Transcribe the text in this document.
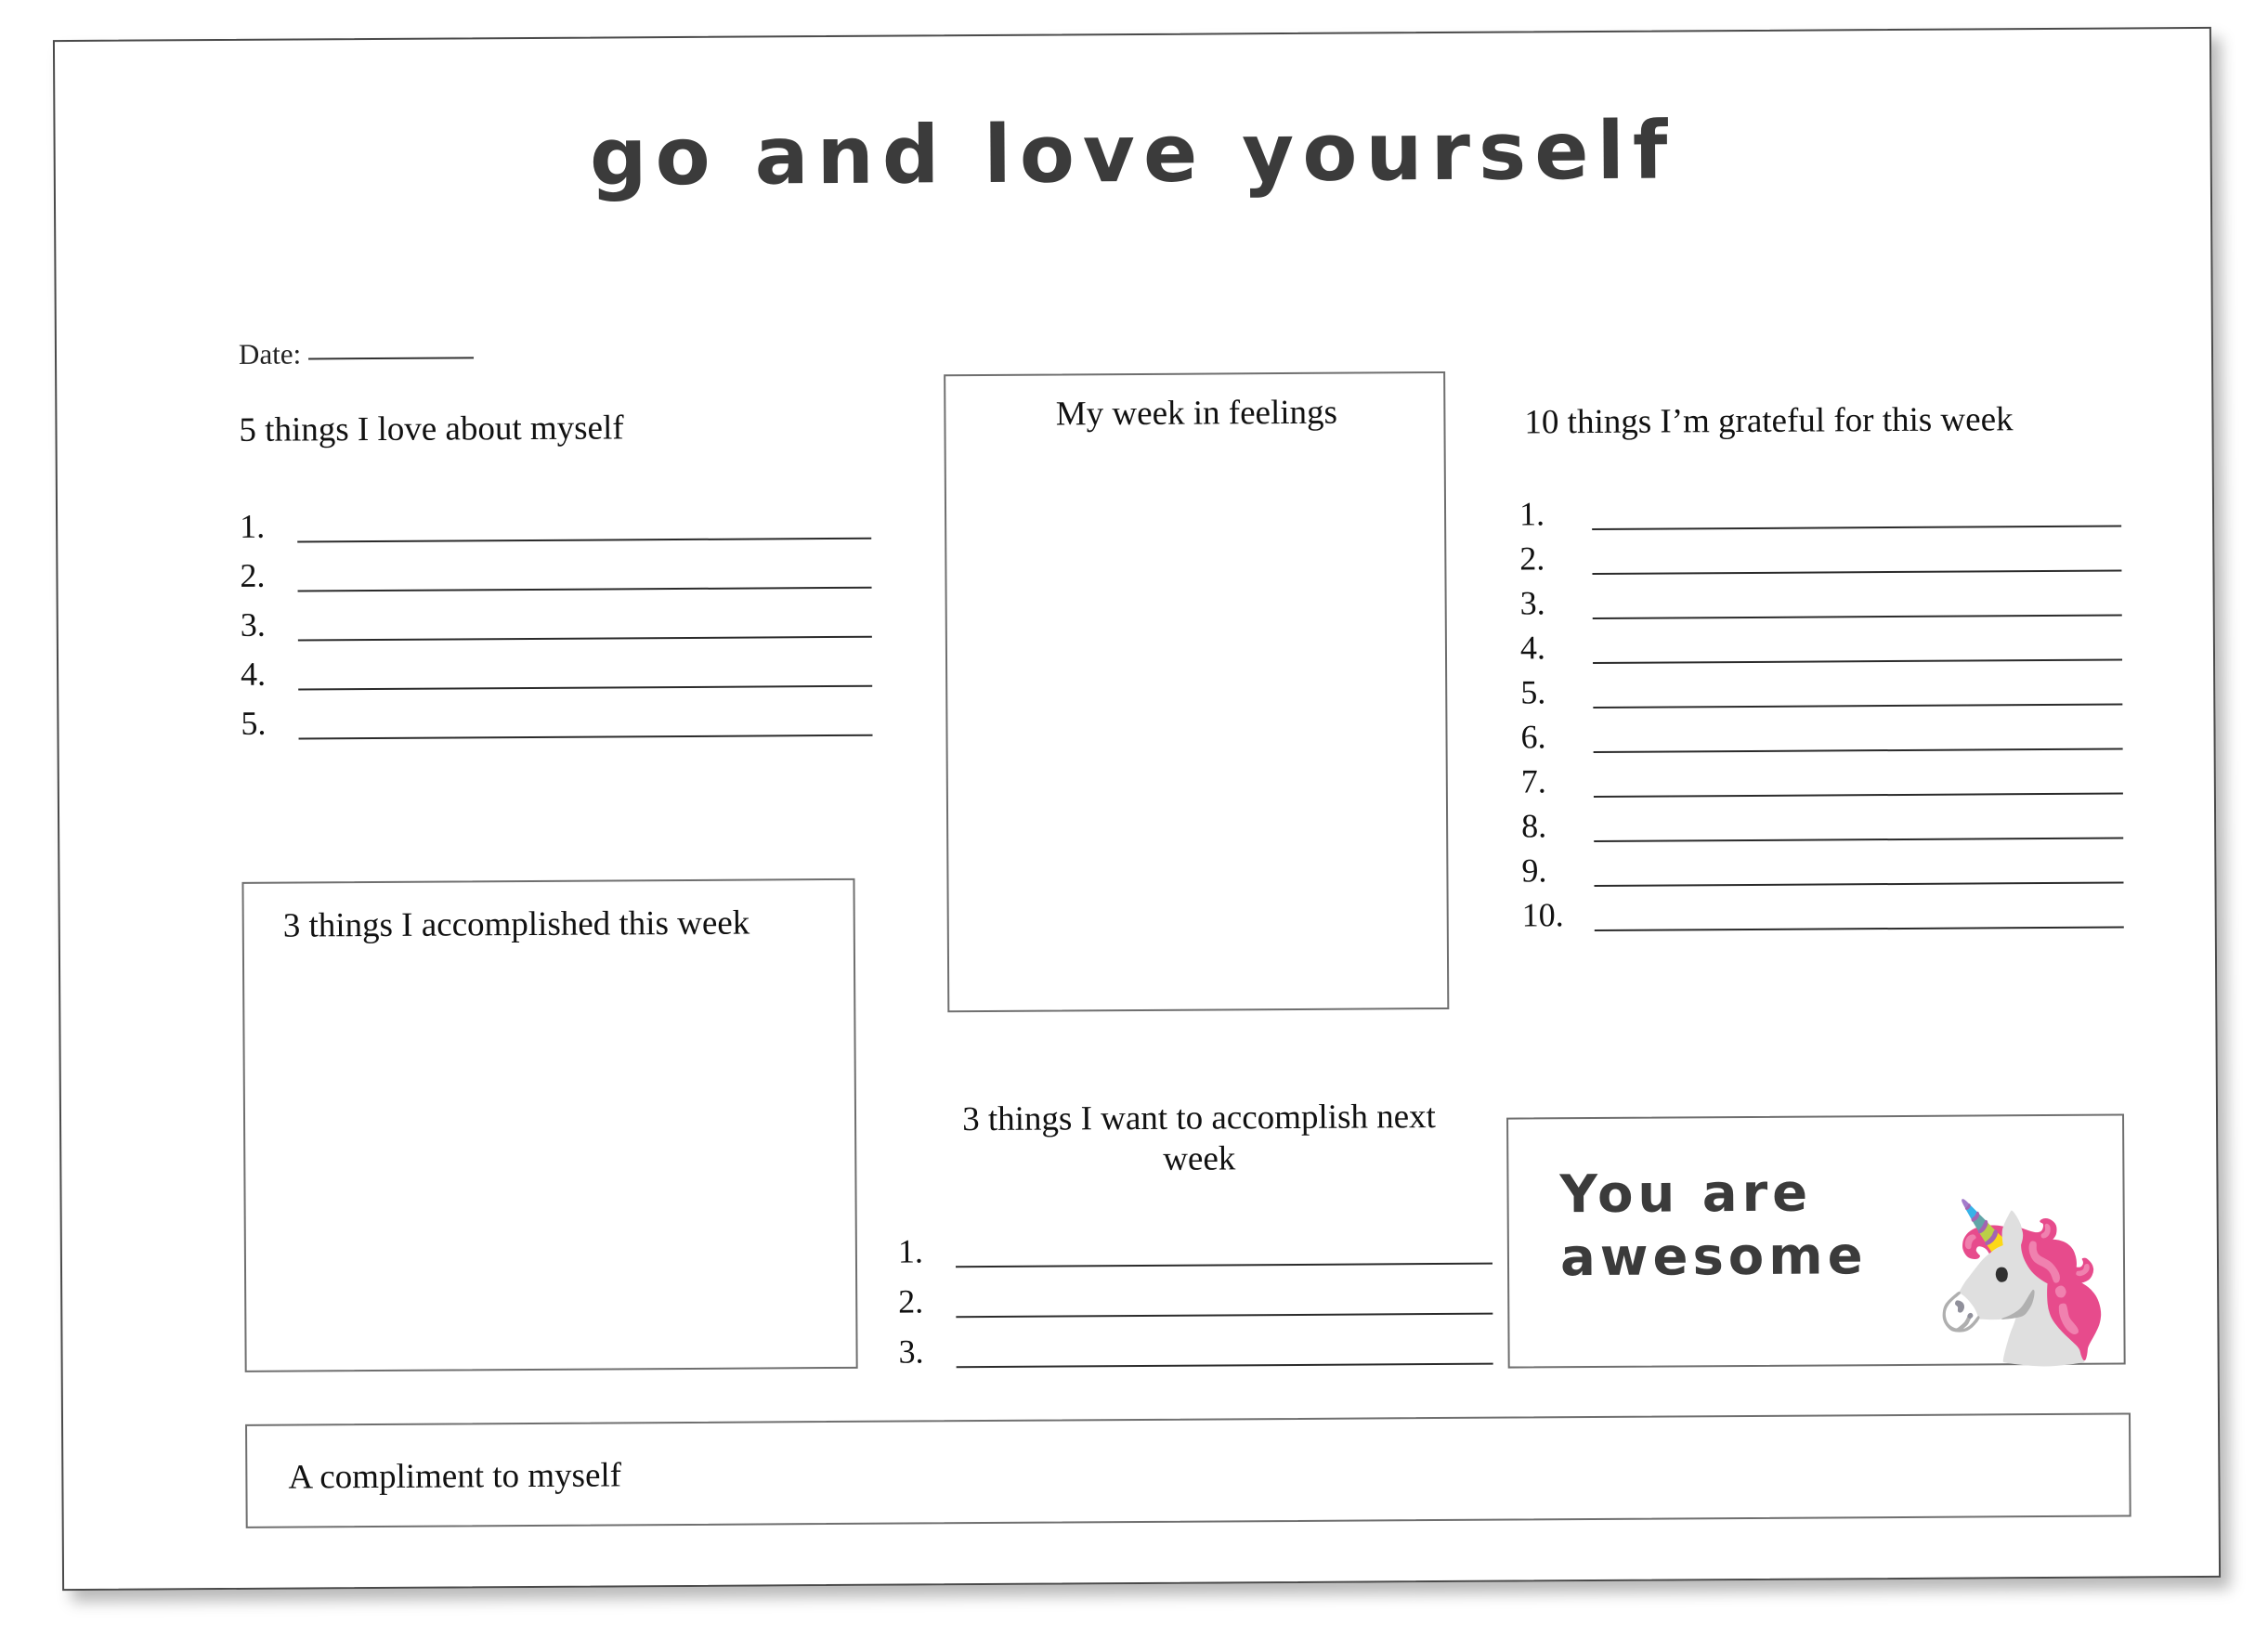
go and love yourself
Date:
5 things I love about myself
1.
2.
3.
4.
5.
My week in feelings	10 things I’m grateful for this week
1.
2.
3.
4.
5.
6.
7.
8.
9.
10.
3 things I accomplished this week
3 things I want to accomplish next week
1.
2.
3.
You are
awesome 🦄
A compliment to myself
